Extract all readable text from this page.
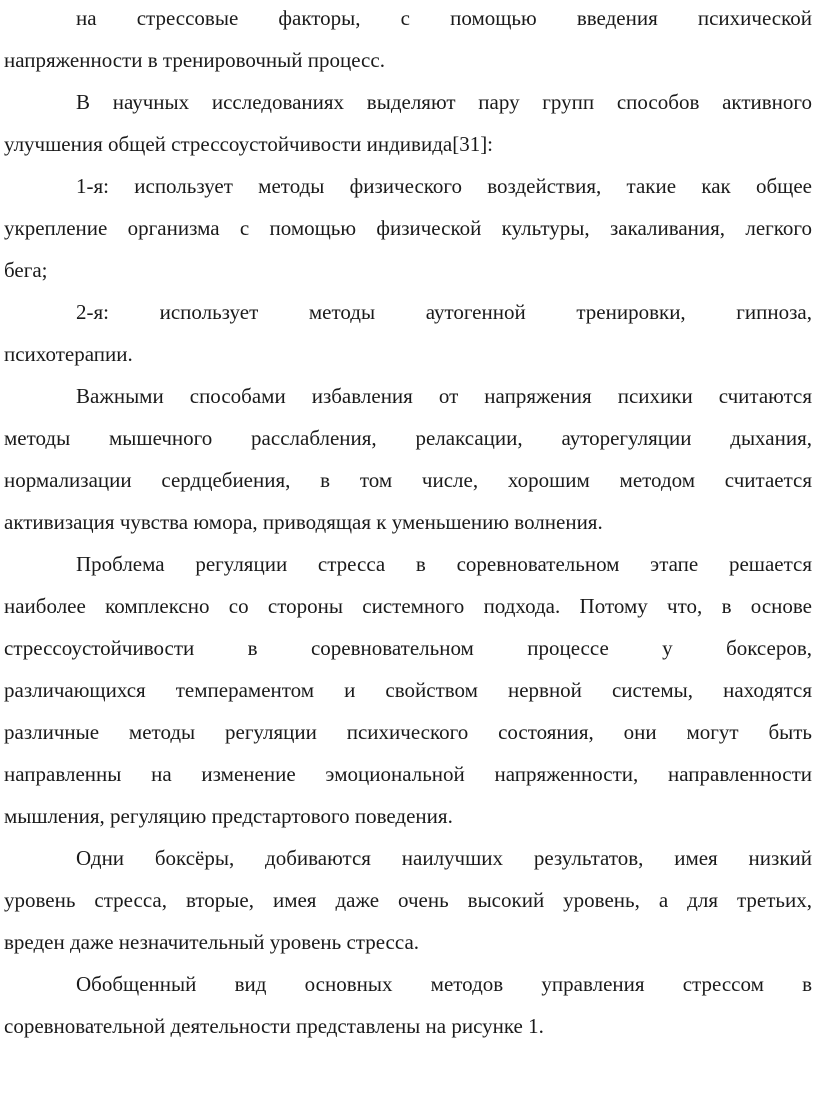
на стрессовые факторы, с помощью введения психической
напряженности в тренировочный процесс.
В научных исследованиях выделяют пару групп способов активного
улучшения общей стрессоустойчивости индивида[31]:
1-я: использует методы физического воздействия, такие как общее
укрепление организма с помощью физической культуры, закаливания, легкого
бега;
2-я: использует методы аутогенной тренировки, гипноза,
психотерапии.
Важными способами избавления от напряжения психики считаются
методы мышечного расслабления, релаксации, ауторегуляции дыхания,
нормализации сердцебиения, в том числе, хорошим методом считается
активизация чувства юмора, приводящая к уменьшению волнения.
Проблема регуляции стресса в соревновательном этапе решается
наиболее комплексно со стороны системного подхода. Потому что, в основе
стрессоустойчивости в соревновательном процессе у боксеров,
различающихся темпераментом и свойством нервной системы, находятся
различные методы регуляции психического состояния, они могут быть
направленны на изменение эмоциональной напряженности, направленности
мышления, регуляцию предстартового поведения.
Одни боксёры, добиваются наилучших результатов, имея низкий
уровень стресса, вторые, имея даже очень высокий уровень, а для третьих,
вреден даже незначительный уровень стресса.
Обобщенный вид основных методов управления стрессом в
соревновательной деятельности представлены на рисунке 1.
